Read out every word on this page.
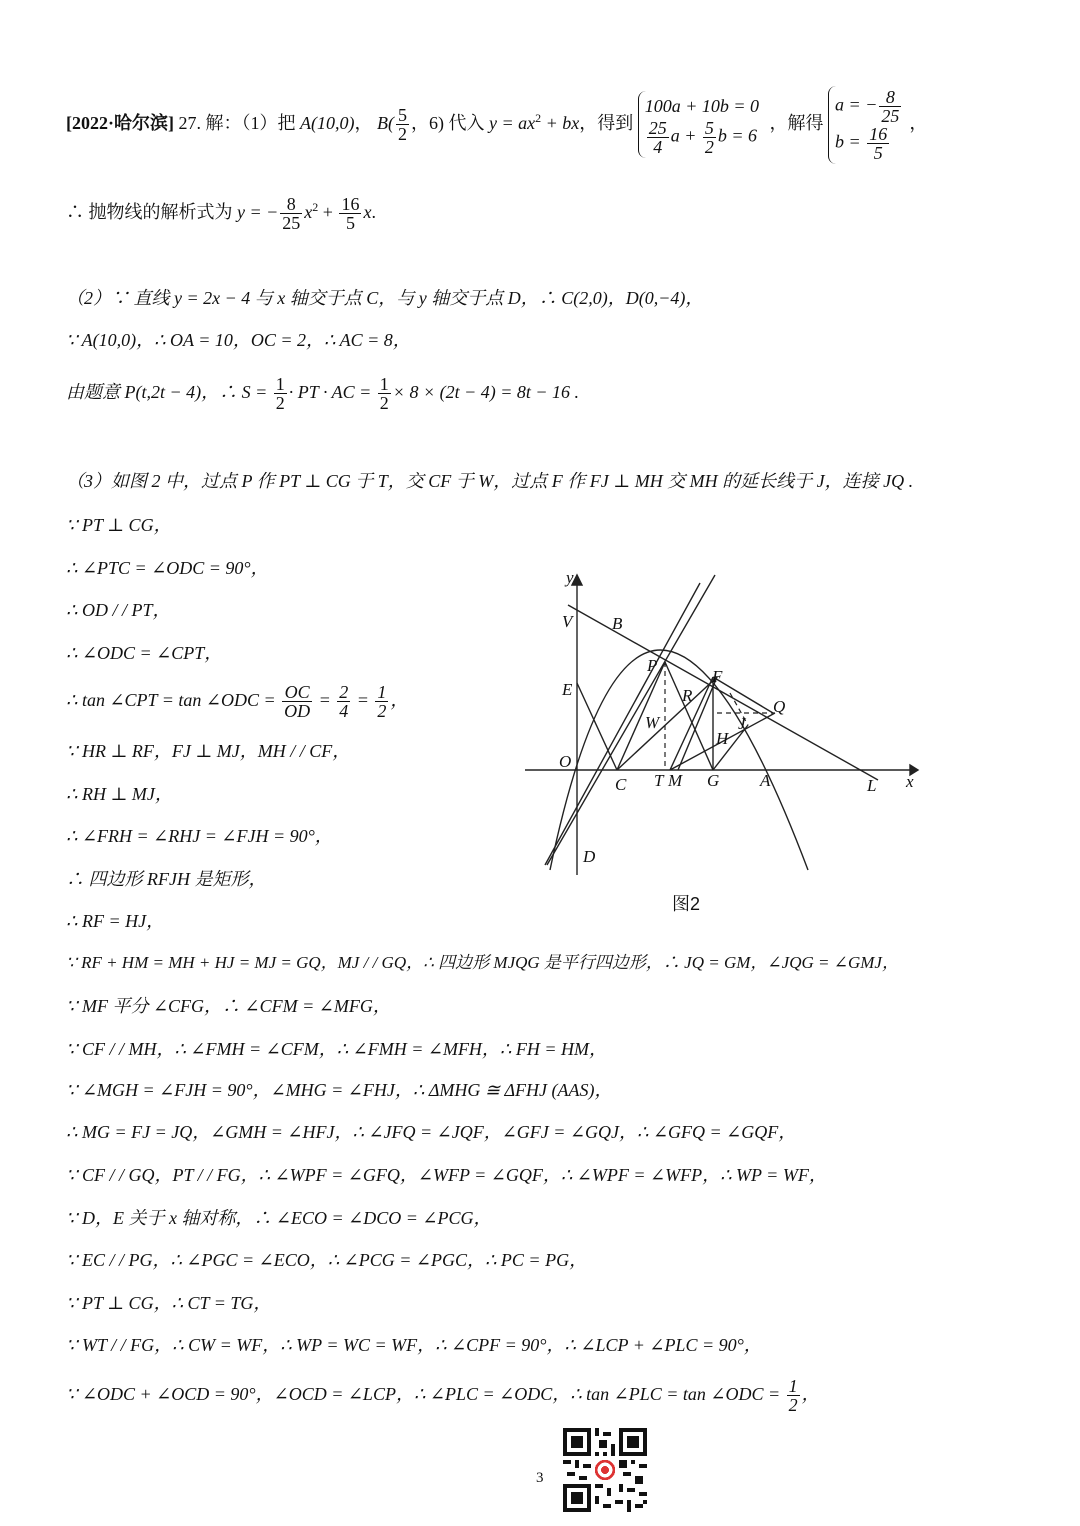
[2022·哈尔滨] 27. 解：（1）把 A(10,0)， $B( \frac{5}{2}$ ，6) 代入 $y = ax^2$ + bx，得到
100a + 10b = 0
$\frac{25}{4}$ $a + \frac{5}{2}$ b = 6
，解得
a = − $\frac{8}{25}$
$b = \frac{16}{5}$
，
∴ 抛物线的解析式为 y = − $\frac{8}{25} x^2 + \frac{16}{5} x$.
（2）∵ 直线 y = 2x − 4 与 x 轴交于点 C，与 y 轴交于点 D，∴ C(2,0)，D(0,−4)，
∵ A(10,0)，∴ OA = 10，OC = 2，∴ AC = 8，
由题意 P(t,2t − 4)，∴ $S = \frac{1}{2}$ · PT · AC = $\frac{1}{2} \times 8 \times (2t - 4) = 8t - 16$ .
（3）如图 2 中，过点 P 作 PT ⊥ CG 于 T，交 CF 于 W，过点 F 作 FJ ⊥ MH 交 MH 的延长线于 J，连接 JQ .
∵ PT ⊥ CG，
∴ ∠PTC = ∠ODC = 90°，
∴ OD / / PT，
∴ ∠ODC = ∠CPT，
∴ tan ∠CPT = tan ∠ODC = $\frac{OC}{OD} = \frac{2}{4} = \frac{1}{2}$ ，
∵ HR ⊥ RF，FJ ⊥ MJ，MH / / CF，
∴ RH ⊥ MJ，
∴ ∠FRH = ∠RHJ = ∠FJH = 90°，
∴ 四边形 RFJH 是矩形，
∴ RF = HJ，
∵ RF + HM = MH + HJ = MJ = GQ，MJ / / GQ，∴ 四边形 MJQG 是平行四边形，∴ JQ = GM，∠JQG = ∠GMJ，
∵ MF 平分 ∠CFG，∴ ∠CFM = ∠MFG，
∵ CF / / MH，∴ ∠FMH = ∠CFM，∴ ∠FMH = ∠MFH，∴ FH = HM，
∵ ∠MGH = ∠FJH = 90°，∠MHG = ∠FHJ，∴ ΔMHG ≅ ΔFHJ (AAS)，
∴ MG = FJ = JQ，∠GMH = ∠HFJ，∴ ∠JFQ = ∠JQF，∠GFJ = ∠GQJ，∴ ∠GFQ = ∠GQF，
∵ CF / / GQ，PT / / FG，∴ ∠WPF = ∠GFQ，∠WFP = ∠GQF，∴ ∠WPF = ∠WFP，∴ WP = WF，
∵ D，E 关于 x 轴对称，∴ ∠ECO = ∠DCO = ∠PCG，
∵ EC / / PG，∴ ∠PGC = ∠ECO，∴ ∠PCG = ∠PGC，∴ PC = PG，
∵ PT ⊥ CG，∴ CT = TG，
∵ WT / / FG，∴ CW = WF，∴ WP = WC = WF，∴ ∠CPF = 90°，∴ ∠LCP + ∠PLC = 90°，
∵ ∠ODC + ∠OCD = 90°，∠OCD = ∠LCP，∴ ∠PLC = ∠ODC，∴ tan ∠PLC = tan ∠ODC = $\frac{1}{2}$ ，
y
x
V B
E
P
F
R
Q
W	J
H
O
C T M G A	L
D
图2
3
